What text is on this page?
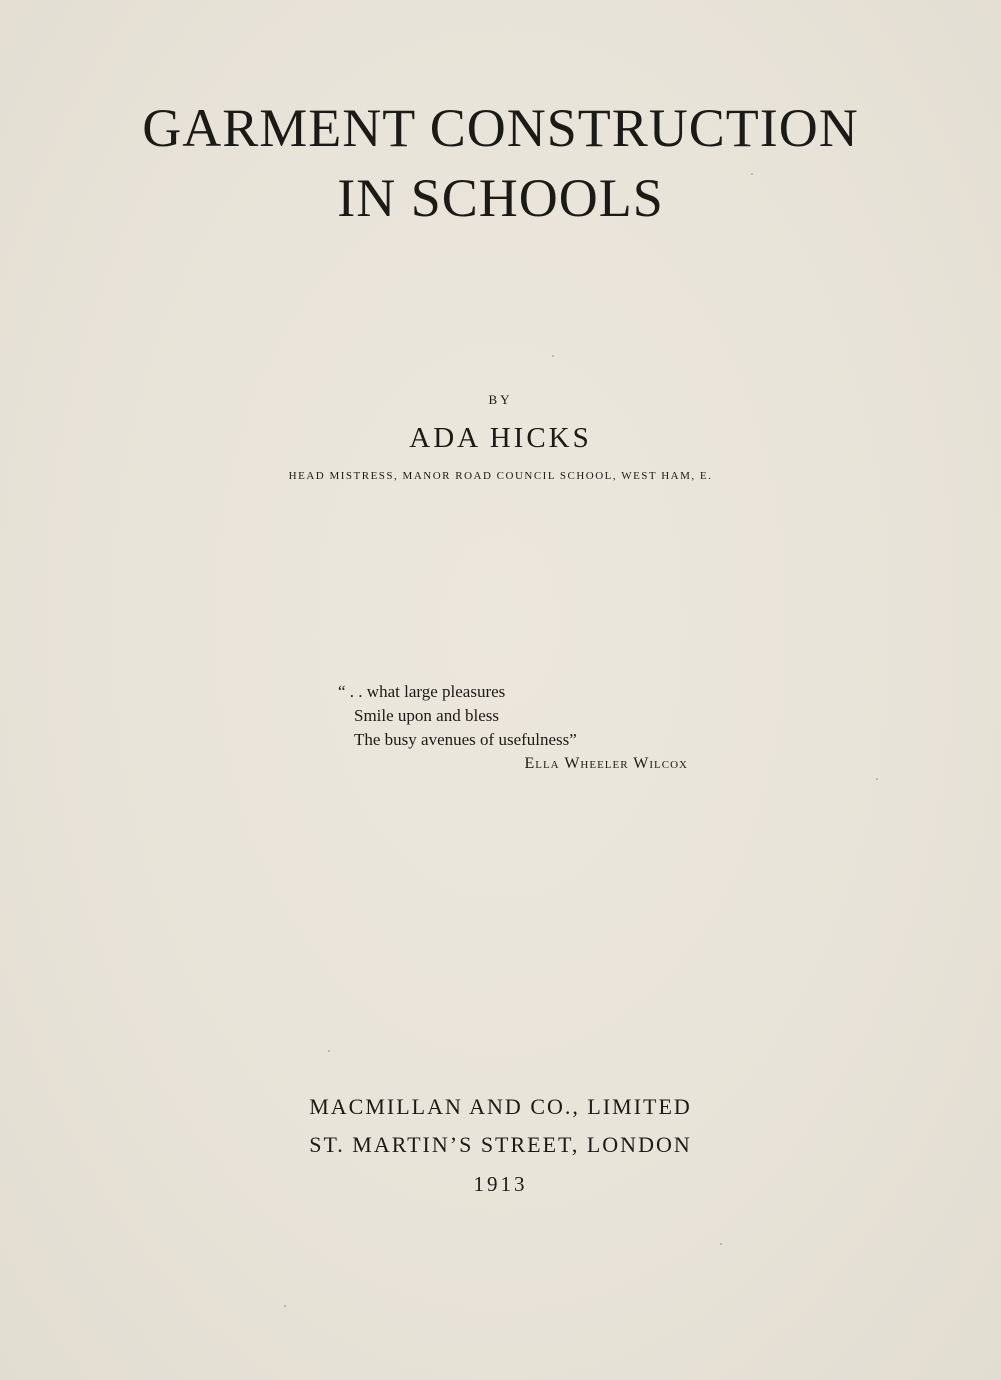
GARMENT CONSTRUCTION
IN SCHOOLS
BY
ADA HICKS
HEAD MISTRESS, MANOR ROAD COUNCIL SCHOOL, WEST HAM, E.
“ . . what large pleasures
Smile upon and bless
The busy avenues of usefulness”
Ella Wheeler Wilcox
MACMILLAN AND CO., LIMITED
ST. MARTIN’S STREET, LONDON
1913
